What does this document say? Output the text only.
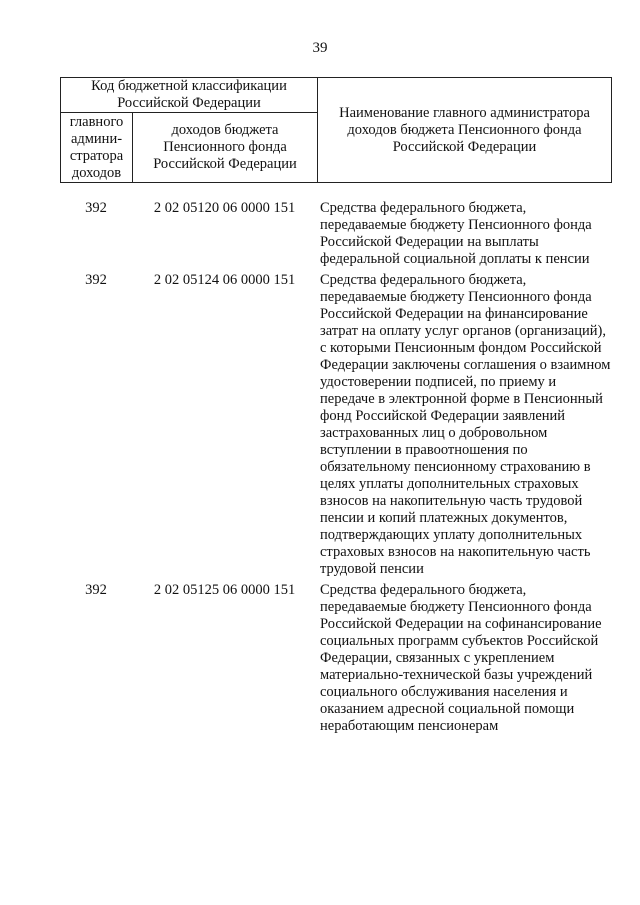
39
Код бюджетной классификации Российской Федерации		Наименование главного администратора доходов бюджета Пенсионного фонда Российской Федерации
главного админи-стратора доходов	доходов бюджета Пенсионного фонда Российской Федерации	
392	2 02 05120 06 0000 151	Средства федерального бюджета, передаваемые бюджету Пенсионного фонда Российской Федерации на выплаты федеральной социальной доплаты к пенсии
392	2 02 05124 06 0000 151	Средства федерального бюджета, передаваемые бюджету Пенсионного фонда Российской Федерации на финансирование затрат на оплату услуг органов (организаций), с которыми Пенсионным фондом Российской Федерации заключены соглашения о взаимном удостоверении подписей, по приему и передаче в электронной форме в Пенсионный фонд Российской Федерации заявлений застрахованных лиц о добровольном вступлении в правоотношения по обязательному пенсионному страхованию в целях уплаты дополнительных страховых взносов на накопительную часть трудовой пенсии и копий платежных документов, подтверждающих уплату дополнительных страховых взносов на накопительную часть трудовой пенсии
392	2 02 05125 06 0000 151	Средства федерального бюджета, передаваемые бюджету Пенсионного фонда Российской Федерации на софинансирование социальных программ субъектов Российской Федерации, связанных с укреплением материально-технической базы учреждений социального обслуживания населения и оказанием адресной социальной помощи неработающим пенсионерам
